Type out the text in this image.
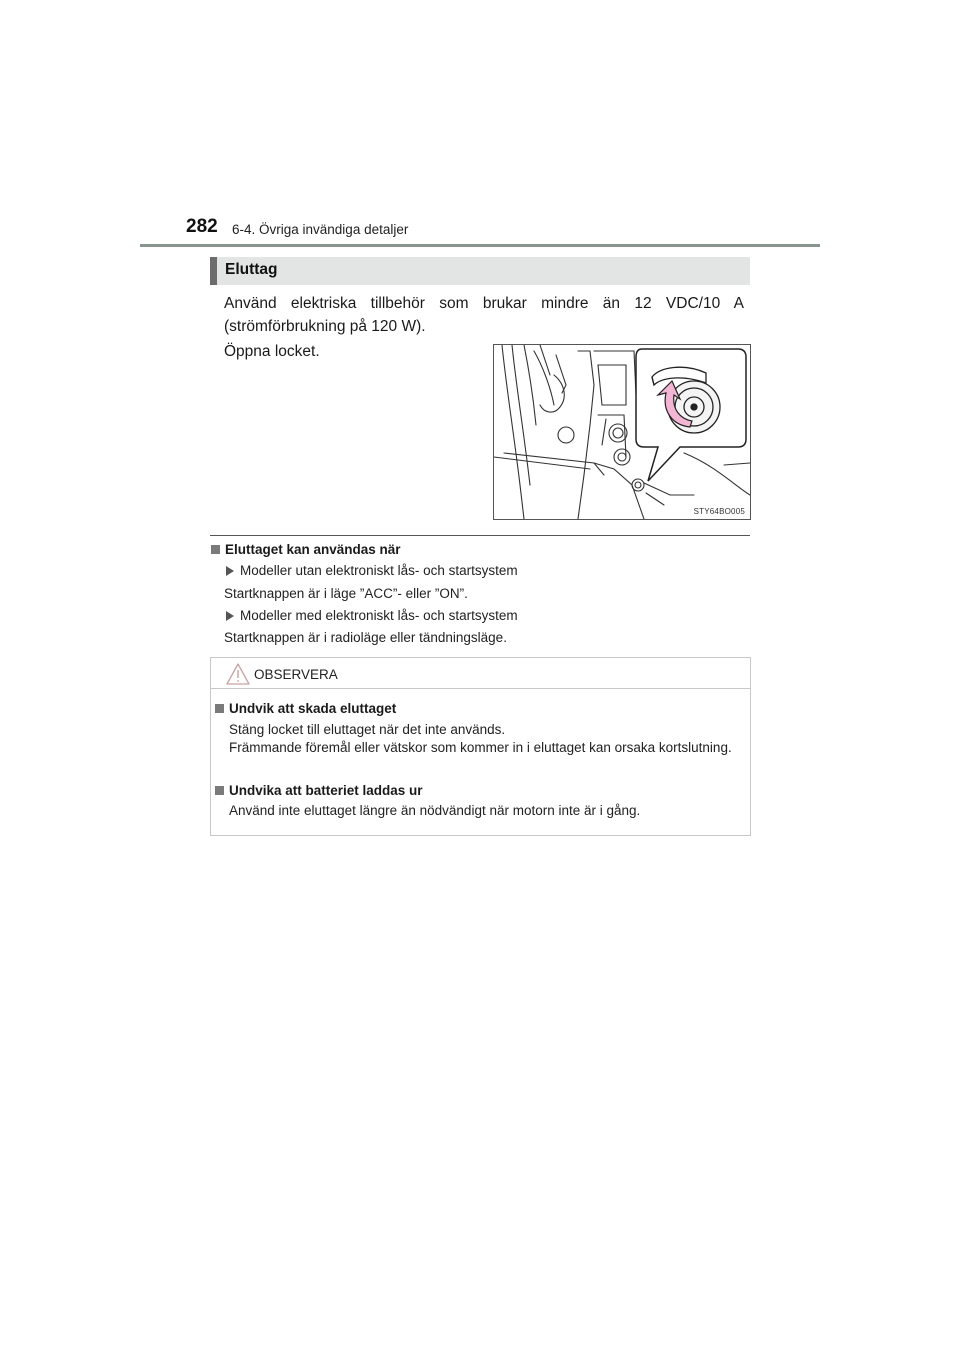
282 6-4. Övriga invändiga detaljer
Eluttag
Använd elektriska tillbehör som brukar mindre än 12 VDC/10 A (strömförbrukning på 120 W).
Öppna locket.
STY64BO005
Eluttaget kan användas när
Modeller utan elektroniskt lås- och startsystem
Startknappen är i läge ”ACC”- eller ”ON”.
Modeller med elektroniskt lås- och startsystem
Startknappen är i radioläge eller tändningsläge.
OBSERVERA
Undvik att skada eluttaget
Stäng locket till eluttaget när det inte används.
Främmande föremål eller vätskor som kommer in i eluttaget kan orsaka kortslutning.
Undvika att batteriet laddas ur
Använd inte eluttaget längre än nödvändigt när motorn inte är i gång.
